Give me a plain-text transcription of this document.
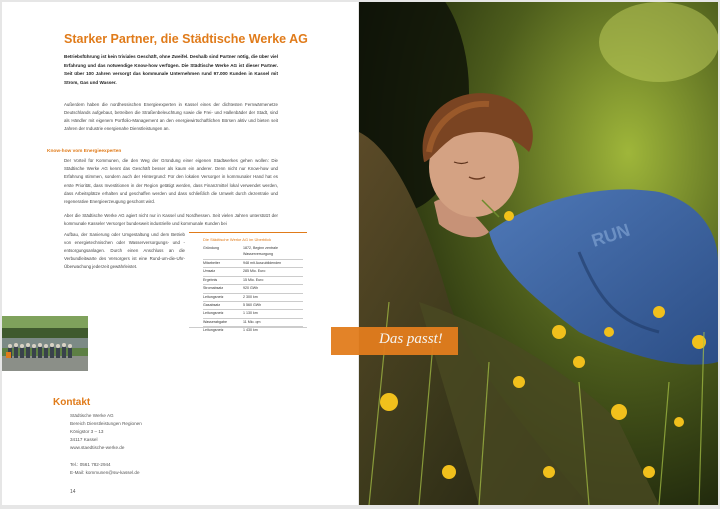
Starker Partner, die Städtische Werke AG
Betriebsführung ist kein triviales Geschäft, ohne Zweifel. Deshalb sind Partner nötig, die über viel Erfahrung und das notwendige Know-how verfügen. Die Städtische Werke AG ist dieser Partner. Seit über 100 Jahren versorgt das kommunale Unternehmen rund 97.000 Kunden in Kassel mit Strom, Gas und Wasser.
Außerdem haben die nordhessischen Energieexperten in Kassel eines der dichtesten Fernwärmenetze Deutschlands aufgebaut, betreiben die Straßenbeleuchtung sowie die Frei- und Hallenbäder der Stadt, sind als Händler mit eigenem Portfolio-Management an den energiewirtschaftlichen Börsen aktiv und bieten seit Jahren der Industrie energienahe Dienstleistungen an.
Know-how vom Energieexperten
Der Vorteil für Kommunen, die den Weg der Gründung einer eigenen Stadtwerkes gehen wollen: Die Städtische Werke AG kennt das Geschäft besser als kaum ein anderer. Denn nicht nur Know-how und Erfahrung stimmen, sondern auch der Hintergrund: Für den lokalen Versorger in kommunaler Hand hat es erste Priorität, dass Investitionen in der Region getätigt werden, dass Finanzmittel lokal verwendet werden, dass Arbeitsplätze erhalten und geschaffen werden und dass schließlich die Umwelt durch dezentrale und regenerative Energieerzeugung geschont wird.
Aber die Städtische Werke AG agiert nicht nur in Kassel und Nordhessen. Seit vielen Jahren unterstützt der kommunale Kasseler Versorger bundesweit industrielle und kommunale Kunden bei
Aufbau, der Sanierung oder Umgestaltung und dem Betrieb von energietechnischen oder Wasserversorgungs- und -entsorgungsanlagen. Durch einen Anschluss an die Verbundleitwarte des Versorgers ist eine Rund-um-die-Uhr-Überwachung jederzeit gewährleistet.
Die Städtische Werke AG im Überblick
Gründung	1872, Beginn zentrale Wasserversorgung
Mitarbeiter	948 mit Auszubildenden
Umsatz	285 Mio. Euro
Ergebnis	15 Mio. Euro
Stromabsatz	920 GWh
Leitungsnetz	2 300 km
Gasabsatz	5 560 GWh
Leitungsnetz	1 130 km
Wasserabgabe	11 Mio. qm
Leitungsnetz	1 430 km
Kontakt
Städtische Werke AG
Bereich Dienstleistungen Regionen
Königstor 3 – 13
34117 Kassel
www.staedtische-werke.de
Tel.: 0561 782-2944
E-Mail: kommunen@sw-kassel.de
14
RUN
Das passt!
